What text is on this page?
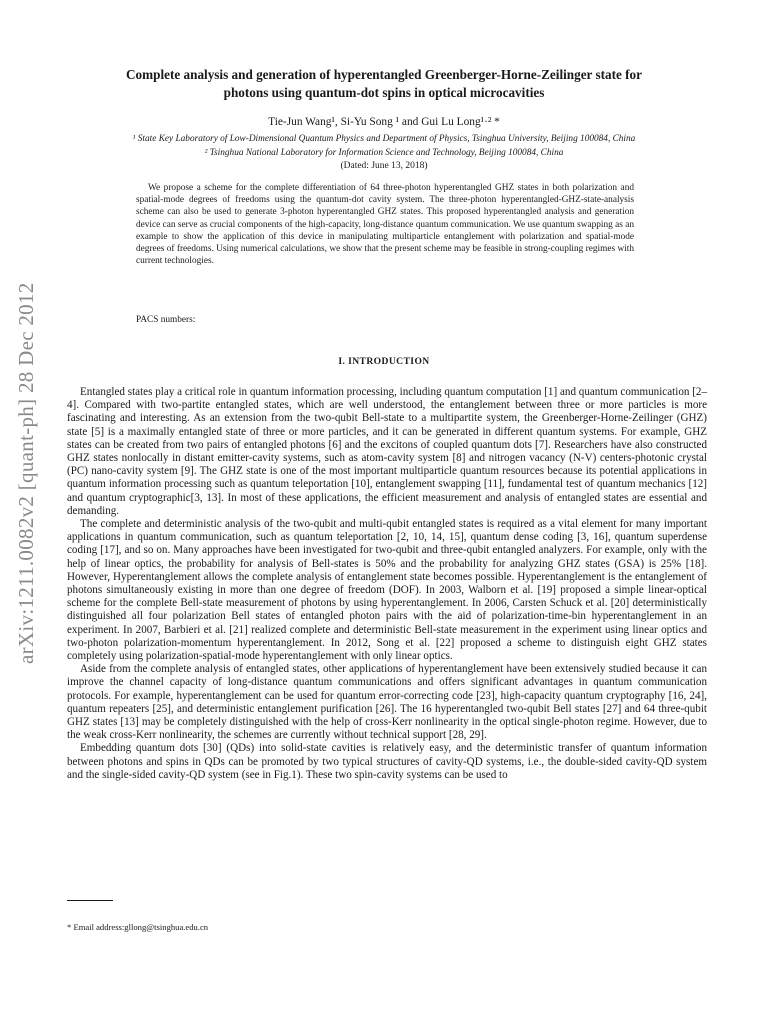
arXiv:1211.0082v2 [quant-ph] 28 Dec 2012
Complete analysis and generation of hyperentangled Greenberger-Horne-Zeilinger state for
photons using quantum-dot spins in optical microcavities
Tie-Jun Wang¹, Si-Yu Song ¹ and Gui Lu Long¹·² *
¹ State Key Laboratory of Low-Dimensional Quantum Physics and Department of Physics, Tsinghua University, Beijing 100084, China
² Tsinghua National Laboratory for Information Science and Technology, Beijing 100084, China
(Dated: June 13, 2018)
We propose a scheme for the complete differentiation of 64 three-photon hyperentangled GHZ states in both polarization and spatial-mode degrees of freedoms using the quantum-dot cavity system. The three-photon hyperentangled-GHZ-state-analysis scheme can also be used to generate 3-photon hyperentangled GHZ states. This proposed hyperentangled analysis and generation device can serve as crucial components of the high-capacity, long-distance quantum communication. We use quantum swapping as an example to show the application of this device in manipulating multiparticle entanglement with polarization and spatial-mode degrees of freedoms. Using numerical calculations, we show that the present scheme may be feasible in strong-coupling regimes with current technologies.
PACS numbers:
I. INTRODUCTION

Entangled states play a critical role in quantum information processing, including quantum computation [1] and quantum communication [2–4]. Compared with two-partite entangled states, which are well understood, the entanglement between three or more particles is more fascinating and interesting. As an extension from the two-qubit Bell-state to a multipartite system, the Greenberger-Horne-Zeilinger (GHZ) state [5] is a maximally entangled state of three or more particles, and it can be generated in different quantum systems. For example, GHZ states can be created from two pairs of entangled photons [6] and the excitons of coupled quantum dots [7]. Researchers have also constructed GHZ states nonlocally in distant emitter-cavity systems, such as atom-cavity system [8] and nitrogen vacancy (N-V) centers-photonic crystal (PC) nano-cavity system [9]. The GHZ state is one of the most important multiparticle quantum resources because its potential applications in quantum information processing such as quantum teleportation [10], entanglement swapping [11], fundamental test of quantum mechanics [12] and quantum cryptographic[3, 13]. In most of these applications, the efficient measurement and analysis of entangled states are essential and demanding.

The complete and deterministic analysis of the two-qubit and multi-qubit entangled states is required as a vital element for many important applications in quantum communication, such as quantum teleportation [2, 10, 14, 15], quantum dense coding [3, 16], quantum superdense coding [17], and so on. Many approaches have been investigated for two-qubit and three-qubit entangled analyzers. For example, only with the help of linear optics, the probability for analysis of Bell-states is 50% and the probability for analyzing GHZ states (GSA) is 25% [18]. However, Hyperentanglement allows the complete analysis of entanglement state becomes possible. Hyperentanglement is the entanglement of photons simultaneously existing in more than one degree of freedom (DOF). In 2003, Walborn et al. [19] proposed a simple linear-optical scheme for the complete Bell-state measurement of photons by using hyperentanglement. In 2006, Carsten Schuck et al. [20] deterministically distinguished all four polarization Bell states of entangled photon pairs with the aid of polarization-time-bin hyperentanglement in an experiment. In 2007, Barbieri et al. [21] realized complete and deterministic Bell-state measurement in the experiment using linear optics and two-photon polarization-momentum hyperentanglement. In 2012, Song et al. [22] proposed a scheme to distinguish eight GHZ states completely using polarization-spatial-mode hyperentanglement with only linear optics.

Aside from the complete analysis of entangled states, other applications of hyperentanglement have been extensively studied because it can improve the channel capacity of long-distance quantum communications and offers significant advantages in quantum communication protocols. For example, hyperentanglement can be used for quantum error-correcting code [23], high-capacity quantum cryptography [16, 24], quantum repeaters [25], and deterministic entanglement purification [26]. The 16 hyperentangled two-qubit Bell states [27] and 64 three-qubit GHZ states [13] may be completely distinguished with the help of cross-Kerr nonlinearity in the optical single-photon regime. However, due to the weak cross-Kerr nonlinearity, the schemes are currently without technical support [28, 29].

Embedding quantum dots [30] (QDs) into solid-state cavities is relatively easy, and the deterministic transfer of quantum information between photons and spins in QDs can be promoted by two typical structures of cavity-QD systems, i.e., the double-sided cavity-QD system and the single-sided cavity-QD system (see in Fig.1). These two spin-cavity systems can be used to

* Email address:gllong@tsinghua.edu.cn
